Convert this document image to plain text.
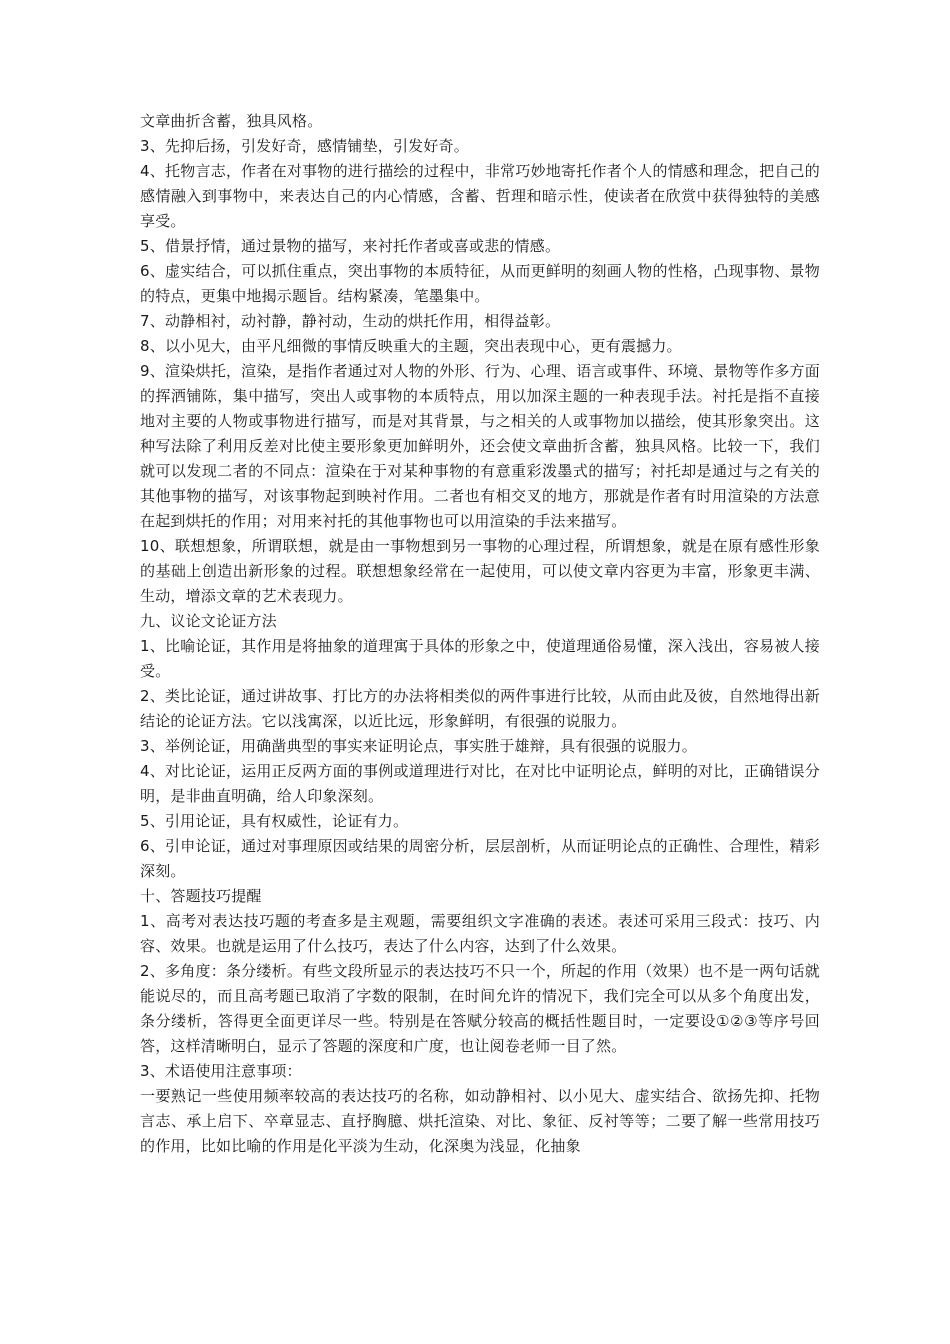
文章曲折含蓄，独具风格。

3、先抑后扬，引发好奇，感情铺垫，引发好奇。

4、托物言志，作者在对事物的进行描绘的过程中，非常巧妙地寄托作者个人的情感和理念，把自己的感情融入到事物中，来表达自己的内心情感，含蓄、哲理和暗示性，使读者在欣赏中获得独特的美感享受。

5、借景抒情，通过景物的描写，来衬托作者或喜或悲的情感。

6、虚实结合，可以抓住重点，突出事物的本质特征，从而更鲜明的刻画人物的性格，凸现事物、景物的特点，更集中地揭示题旨。结构紧凑，笔墨集中。

7、动静相衬，动衬静，静衬动，生动的烘托作用，相得益彰。

8、以小见大，由平凡细微的事情反映重大的主题，突出表现中心，更有震撼力。

9、渲染烘托，渲染，是指作者通过对人物的外形、行为、心理、语言或事件、环境、景物等作多方面的挥洒铺陈，集中描写，突出人或事物的本质特点，用以加深主题的一种表现手法。衬托是指不直接地对主要的人物或事物进行描写，而是对其背景，与之相关的人或事物加以描绘，使其形象突出。这种写法除了利用反差对比使主要形象更加鲜明外，还会使文章曲折含蓄，独具风格。比较一下，我们就可以发现二者的不同点：渲染在于对某种事物的有意重彩泼墨式的描写；衬托却是通过与之有关的其他事物的描写，对该事物起到映衬作用。二者也有相交叉的地方，那就是作者有时用渲染的方法意在起到烘托的作用；对用来衬托的其他事物也可以用渲染的手法来描写。

10、联想想象，所谓联想，就是由一事物想到另一事物的心理过程，所谓想象，就是在原有感性形象的基础上创造出新形象的过程。联想想象经常在一起使用，可以使文章内容更为丰富，形象更丰满、生动，增添文章的艺术表现力。

九、议论文论证方法

1、比喻论证，其作用是将抽象的道理寓于具体的形象之中，使道理通俗易懂，深入浅出，容易被人接受。

2、类比论证，通过讲故事、打比方的办法将相类似的两件事进行比较，从而由此及彼，自然地得出新结论的论证方法。它以浅寓深，以近比远，形象鲜明，有很强的说服力。

3、举例论证，用确凿典型的事实来证明论点，事实胜于雄辩，具有很强的说服力。

4、对比论证，运用正反两方面的事例或道理进行对比，在对比中证明论点，鲜明的对比，正确错误分明，是非曲直明确，给人印象深刻。

5、引用论证，具有权威性，论证有力。

6、引申论证，通过对事理原因或结果的周密分析，层层剖析，从而证明论点的正确性、合理性，精彩深刻。

十、答题技巧提醒

1、高考对表达技巧题的考查多是主观题，需要组织文字准确的表述。表述可采用三段式：技巧、内容、效果。也就是运用了什么技巧，表达了什么内容，达到了什么效果。

2、多角度：条分缕析。有些文段所显示的表达技巧不只一个，所起的作用（效果）也不是一两句话就能说尽的，而且高考题已取消了字数的限制，在时间允许的情况下，我们完全可以从多个角度出发，条分缕析，答得更全面更详尽一些。特别是在答赋分较高的概括性题目时，一定要设①②③等序号回答，这样清晰明白，显示了答题的深度和广度，也让阅卷老师一目了然。

3、术语使用注意事项：

一要熟记一些使用频率较高的表达技巧的名称，如动静相衬、以小见大、虚实结合、欲扬先抑、托物言志、承上启下、卒章显志、直抒胸臆、烘托渲染、对比、象征、反衬等等；二要了解一些常用技巧的作用，比如比喻的作用是化平淡为生动，化深奥为浅显，化抽象
